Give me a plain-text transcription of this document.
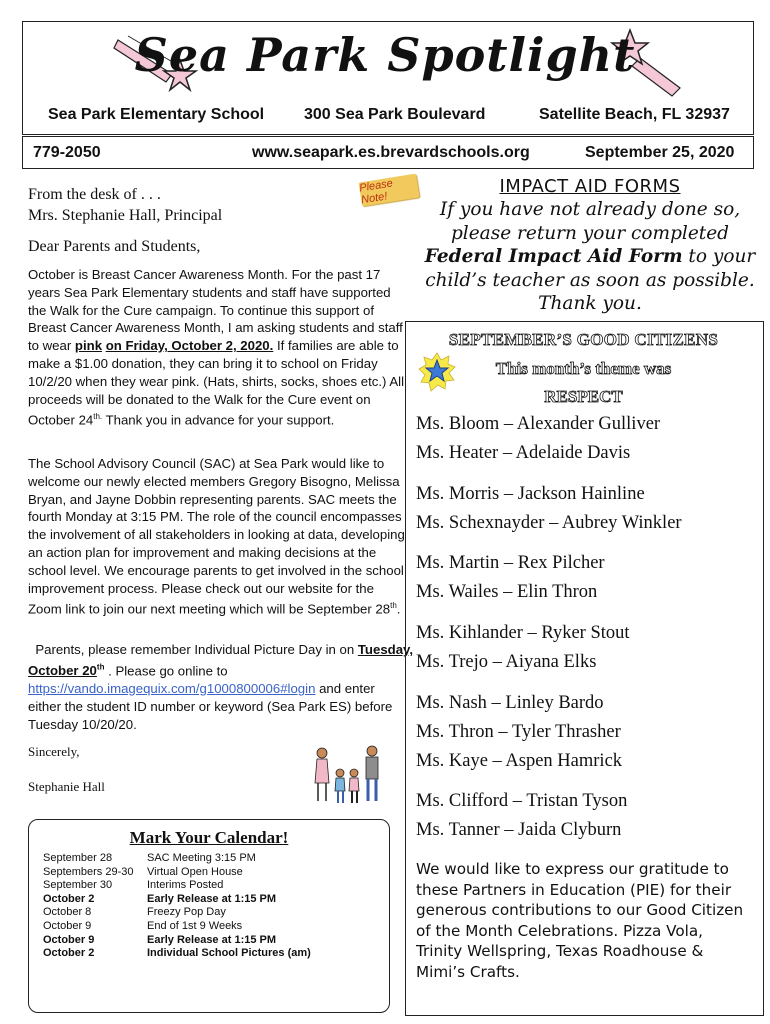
Sea Park Spotlight
Sea Park Elementary School 300 Sea Park Boulevard	Satellite Beach, FL 32937
779-2050	www.seapark.es.brevardschools.org	September 25, 2020
From the desk of . . .
Mrs. Stephanie Hall, Principal
Please Note!
Dear Parents and Students,

October is Breast Cancer Awareness Month. For the past 17 years Sea Park Elementary students and staff have supported the Walk for the Cure campaign. To continue this support of Breast Cancer Awareness Month, I am asking students and staff to wear pink on Friday, October 2, 2020. If families are able to make a $1.00 donation, they can bring it to school on Friday 10/2/20 when they wear pink. (Hats, shirts, socks, shoes etc.) All proceeds will be donated to the Walk for the Cure event on October $24^{th.}$ Thank you in advance for your support.

The School Advisory Council (SAC) at Sea Park would like to welcome our newly elected members Gregory Bisogno, Melissa Bryan, and Jayne Dobbin representing parents. SAC meets the fourth Monday at 3:15 PM. The role of the council encompasses the involvement of all stakeholders in looking at data, developing an action plan for improvement and making decisions at the school level. We encourage parents to get involved in the school improvement process. Please check out our website for the Zoom link to join our next meeting which will be September 28th.

Parents, please remember Individual Picture Day in on Tuesday, October 20th . Please go online to https://vando.imagequix.com/g1000800006#login and enter either the student ID number or keyword (Sea Park ES) before Tuesday 10/20/20.

Sincerely,
Stephanie Hall
Mark Your Calendar!
September 28	SAC Meeting 3:15 PM
Septembers 29-30 Virtual Open House
September 30	Interims Posted
October 2	Early Release at 1:15 PM
October 8	Freezy Pop Day
October 9	End of 1st 9 Weeks
October 9	Early Release at 1:15 PM
October 2	Individual School Pictures (am)
IMPACT AID FORMS
If you have not already done so, please return your completed Federal Impact Aid Form to your child’s teacher as soon as possible. Thank you.
SEPTEMBER’S GOOD CITIZENS
This month’s theme was
RESPECT
Ms. Bloom – Alexander Gulliver
Ms. Heater – Adelaide Davis
Ms. Morris – Jackson Hainline
Ms. Schexnayder – Aubrey Winkler
Ms. Martin – Rex Pilcher
Ms. Wailes – Elin Thron
Ms. Kihlander – Ryker Stout
Ms. Trejo – Aiyana Elks
Ms. Nash – Linley Bardo
Ms. Thron – Tyler Thrasher
Ms. Kaye – Aspen Hamrick
Ms. Clifford – Tristan Tyson
Ms. Tanner – Jaida Clyburn
We would like to express our gratitude to these Partners in Education (PIE) for their generous contributions to our Good Citizen of the Month Celebrations. Pizza Vola, Trinity Wellspring, Texas Roadhouse & Mimi’s Crafts.
